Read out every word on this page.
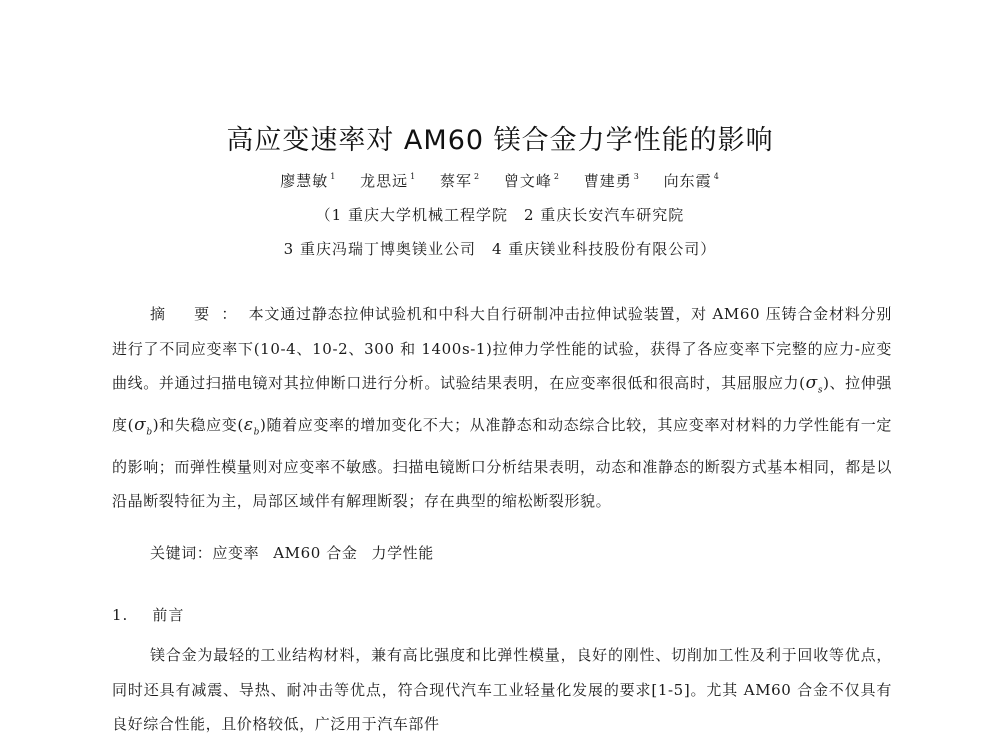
高应变速率对 AM60 镁合金力学性能的影响
廖慧敏 $^1$ 龙思远 $^1$ 蔡军 $^2$ 曾文峰 $^2$ 曹建勇 $^3$ 向东霞 $^4$
（1 重庆大学机械工程学院　2 重庆长安汽车研究院
3 重庆冯瑞丁博奥镁业公司　4 重庆镁业科技股份有限公司）
摘 要：本文通过静态拉伸试验机和中科大自行研制冲击拉伸试验装置，对 AM60 压铸合金材料分别进行了不同应变率下(10-4、10-2、300 和 1400s-1)拉伸力学性能的试验，获得了各应变率下完整的应力-应变曲线。并通过扫描电镜对其拉伸断口进行分析。试验结果表明，在应变率很低和很高时，其屈服应力$(\sigma_s)$、拉伸强度$(\sigma_b)$和失稳应变$(\varepsilon_b)$随着应变率的增加变化不大；从准静态和动态综合比较，其应变率对材料的力学性能有一定的影响；而弹性模量则对应变率不敏感。扫描电镜断口分析结果表明，动态和准静态的断裂方式基本相同，都是以沿晶断裂特征为主，局部区域伴有解理断裂；存在典型的缩松断裂形貌。
关键词：应变率 AM60 合金 力学性能
1. 前言
镁合金为最轻的工业结构材料，兼有高比强度和比弹性模量，良好的刚性、切削加工性及利于回收等优点，同时还具有减震、导热、耐冲击等优点，符合现代汽车工业轻量化发展的要求[1-5]。尤其 AM60 合金不仅具有良好综合性能，且价格较低，广泛用于汽车部件
